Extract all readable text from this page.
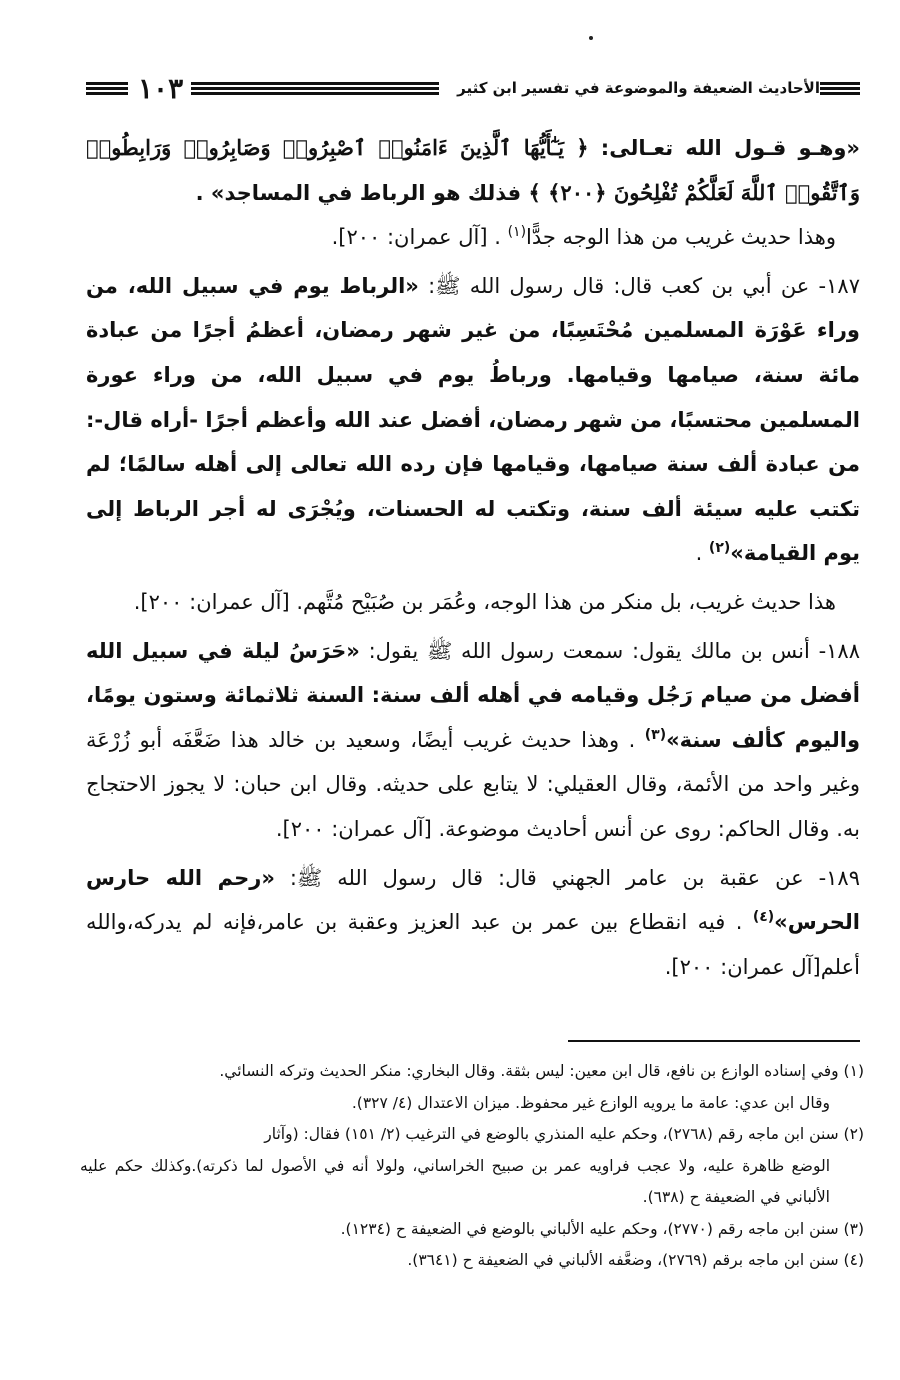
الأحاديث الضعيفة والموضوعة في تفسير ابن كثير
١٠٣

«وهـو قـول الله تعـالى: ﴿ يَـٰٓأَيُّهَا ٱلَّذِينَ ءَامَنُوا۟ ٱصْبِرُوا۟ وَصَابِرُوا۟ وَرَابِطُوا۟ وَٱتَّقُوا۟ ٱللَّهَ لَعَلَّكُمْ تُفْلِحُونَ ﴿٢٠٠﴾ ﴾ فذلك هو الرباط في المساجد» .

وهذا حديث غريب من هذا الوجه جدًّا$^{(١)}$ . [آل عمران: ٢٠٠].

١٨٧- عن أبي بن كعب قال: قال رسول الله ﷺ: «الرباط يوم في سبيل الله، من وراء عَوْرَة المسلمين مُحْتَسِبًا، من غير شهر رمضان، أعظمُ أجرًا من عبادة مائة سنة، صيامها وقيامها. ورباطُ يوم في سبيل الله، من وراء عورة المسلمين محتسبًا، من شهر رمضان، أفضل عند الله وأعظم أجرًا -أراه قال-: من عبادة ألف سنة صيامها، وقيامها فإن رده الله تعالى إلى أهله سالمًا؛ لم تكتب عليه سيئة ألف سنة، وتكتب له الحسنات، ويُجْرَى له أجر الرباط إلى يوم القيامة»$^{(٢)}$ .

هذا حديث غريب، بل منكر من هذا الوجه، وعُمَر بن صُبَيْح مُتَّهم. [آل عمران: ٢٠٠].

١٨٨- أنس بن مالك يقول: سمعت رسول الله ﷺ يقول: «حَرَسُ ليلة في سبيل الله أفضل من صيام رَجُل وقيامه في أهله ألف سنة: السنة ثلاثمائة وستون يومًا، واليوم كألف سنة»$^{(٣)}$ . وهذا حديث غريب أيضًا، وسعيد بن خالد هذا ضَعَّفَه أبو زُرْعَة وغير واحد من الأئمة، وقال العقيلي: لا يتابع على حديثه. وقال ابن حبان: لا يجوز الاحتجاج به. وقال الحاكم: روى عن أنس أحاديث موضوعة. [آل عمران: ٢٠٠].

١٨٩- عن عقبة بن عامر الجهني قال: قال رسول الله ﷺ: «رحم الله حارس الحرس»$^{(٤)}$ . فيه انقطاع بين عمر بن عبد العزيز وعقبة بن عامر،فإنه لم يدركه،والله أعلم[آل عمران: ٢٠٠].

(١) وفي إسناده الوازع بن نافع، قال ابن معين: ليس بثقة. وقال البخاري: منكر الحديث وتركه النسائي.

وقال ابن عدي: عامة ما يرويه الوازع غير محفوظ. ميزان الاعتدال (٤/ ٣٢٧).

(٢) سنن ابن ماجه رقم (٢٧٦٨)، وحكم عليه المنذري بالوضع في الترغيب (٢/ ١٥١) فقال: (وآثار

الوضع ظاهرة عليه، ولا عجب فراويه عمر بن صبيح الخراساني، ولولا أنه في الأصول لما ذكرته).وكذلك حكم عليه الألباني في الضعيفة ح (٦٣٨).

(٣) سنن ابن ماجه رقم (٢٧٧٠)، وحكم عليه الألباني بالوضع في الضعيفة ح (١٢٣٤).

(٤) سنن ابن ماجه برقم (٢٧٦٩)، وضعَّفه الألباني في الضعيفة ح (٣٦٤١).
